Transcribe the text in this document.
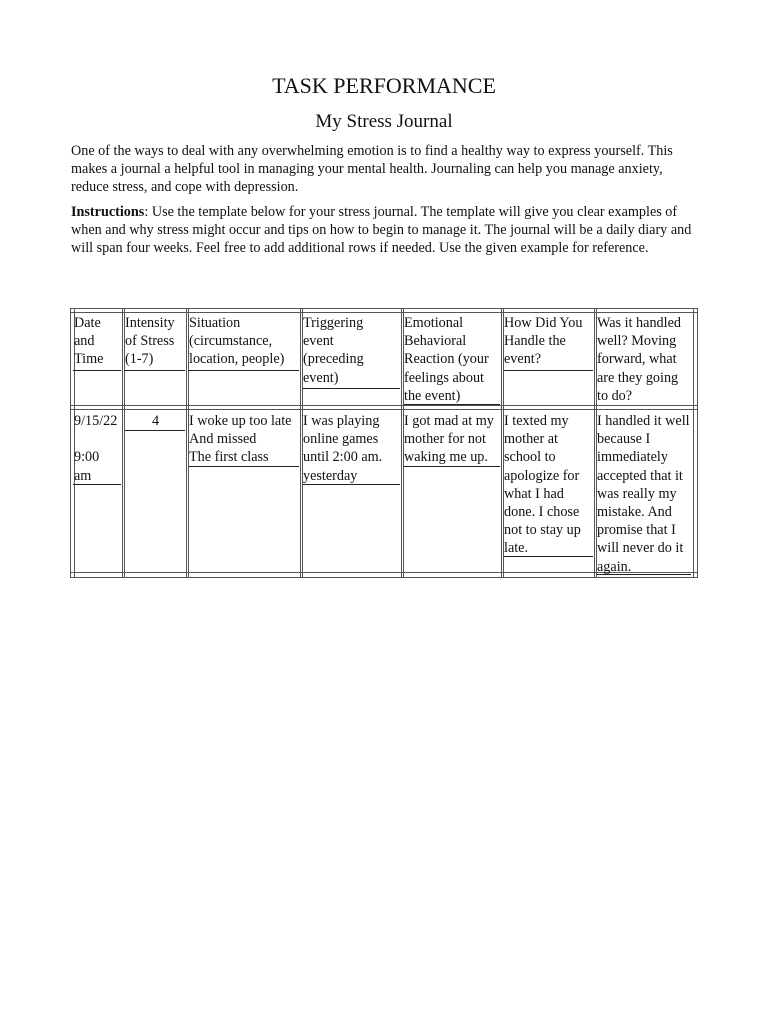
TASK PERFORMANCE
My Stress Journal

One of the ways to deal with any overwhelming emotion is to find a healthy way to express yourself. This makes a journal a helpful tool in managing your mental health. Journaling can help you manage anxiety, reduce stress, and cope with depression.

Instructions: Use the template below for your stress journal. The template will give you clear examples of when and why stress might occur and tips on how to begin to manage it. The journal will be a daily diary and will span four weeks. Feel free to add additional rows if needed. Use the given example for reference.

Date
and
Time
Intensity
of Stress
(1-7)
Situation
(circumstance,
location, people)
Triggering
event
(preceding
event)
Emotional
Behavioral
Reaction (your
feelings about
the event)
How Did You
Handle the
event?
Was it handled
well? Moving
forward, what
are they going
to do?
9/15/22

9:00
am
4	I woke up too late
And missed
The first class
I was playing
online games
until 2:00 am.
yesterday
I got mad at my
mother for not
waking me up.
I texted my
mother at
school to
apologize for
what I had
done. I chose
not to stay up
late.
I handled it well
because I
immediately
accepted that it
was really my
mistake. And
promise that I
will never do it
again.
